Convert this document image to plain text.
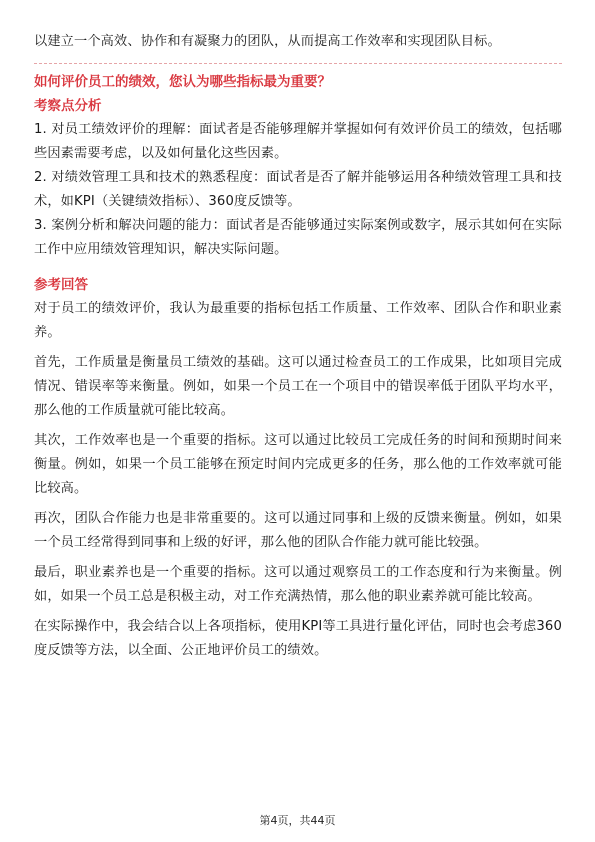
以建立一个高效、协作和有凝聚力的团队，从而提高工作效率和实现团队目标。

如何评价员工的绩效，您认为哪些指标最为重要？
考察点分析

1. 对员工绩效评价的理解：面试者是否能够理解并掌握如何有效评价员工的绩效，包括哪些因素需要考虑，以及如何量化这些因素。

2. 对绩效管理工具和技术的熟悉程度：面试者是否了解并能够运用各种绩效管理工具和技术，如KPI（关键绩效指标）、360度反馈等。

3. 案例分析和解决问题的能力：面试者是否能够通过实际案例或数字，展示其如何在实际工作中应用绩效管理知识，解决实际问题。

参考回答

对于员工的绩效评价，我认为最重要的指标包括工作质量、工作效率、团队合作和职业素养。

首先，工作质量是衡量员工绩效的基础。这可以通过检查员工的工作成果，比如项目完成情况、错误率等来衡量。例如，如果一个员工在一个项目中的错误率低于团队平均水平，那么他的工作质量就可能比较高。

其次，工作效率也是一个重要的指标。这可以通过比较员工完成任务的时间和预期时间来衡量。例如，如果一个员工能够在预定时间内完成更多的任务，那么他的工作效率就可能比较高。

再次，团队合作能力也是非常重要的。这可以通过同事和上级的反馈来衡量。例如，如果一个员工经常得到同事和上级的好评，那么他的团队合作能力就可能比较强。

最后，职业素养也是一个重要的指标。这可以通过观察员工的工作态度和行为来衡量。例如，如果一个员工总是积极主动，对工作充满热情，那么他的职业素养就可能比较高。

在实际操作中，我会结合以上各项指标，使用KPI等工具进行量化评估，同时也会考虑360度反馈等方法，以全面、公正地评价员工的绩效。

第4页，共44页
